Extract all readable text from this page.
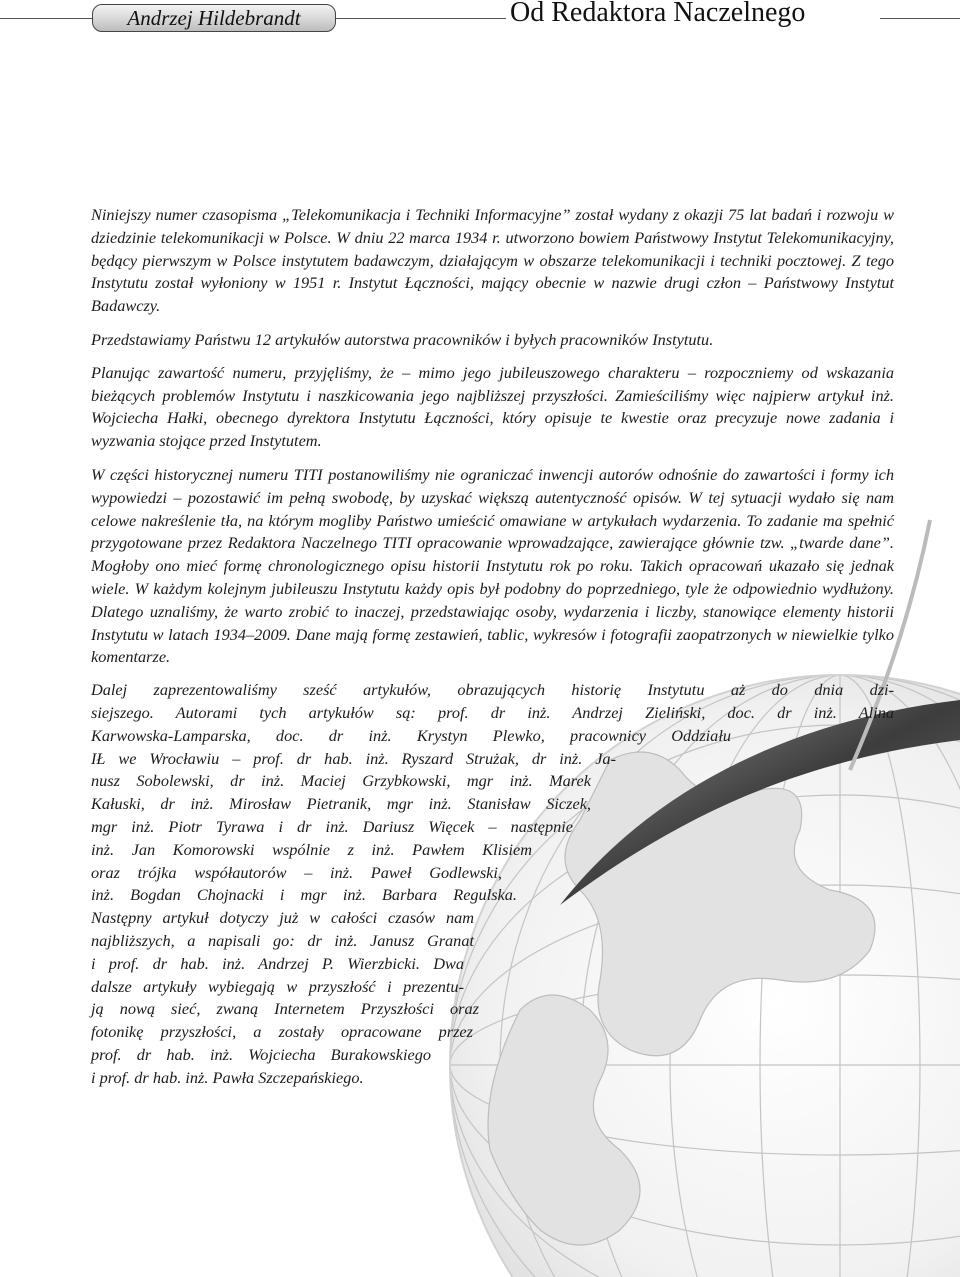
Andrzej Hildebrandt	Od Redaktora Naczelnego

Niniejszy numer czasopisma „Telekomunikacja i Techniki Informacyjne” został wydany z okazji 75 lat badań i rozwoju w dziedzinie telekomunikacji w Polsce. W dniu 22 marca 1934 r. utworzono bowiem Państwowy Instytut Telekomunikacyjny, będący pierwszym w Polsce instytutem badawczym, działającym w obszarze telekomunikacji i techniki pocztowej. Z tego Instytutu został wyłoniony w 1951 r. Instytut Łączności, mający obecnie w nazwie drugi człon – Państwowy Instytut Badawczy.

Przedstawiamy Państwu 12 artykułów autorstwa pracowników i byłych pracowników Instytutu.

Planując zawartość numeru, przyjęliśmy, że – mimo jego jubileuszowego charakteru – rozpoczniemy od wskazania bieżących problemów Instytutu i naszkicowania jego najbliższej przyszłości. Zamieściliśmy więc najpierw artykuł inż. Wojciecha Hałki, obecnego dyrektora Instytutu Łączności, który opisuje te kwestie oraz precyzuje nowe zadania i wyzwania stojące przed Instytutem.

W części historycznej numeru TITI postanowiliśmy nie ograniczać inwencji autorów odnośnie do zawartości i formy ich wypowiedzi – pozostawić im pełną swobodę, by uzyskać większą autentyczność opisów. W tej sytuacji wydało się nam celowe nakreślenie tła, na którym mogliby Państwo umieścić omawiane w artykułach wydarzenia. To zadanie ma spełnić przygotowane przez Redaktora Naczelnego TITI opracowanie wprowadzające, zawierające głównie tzw. „twarde dane”. Mogłoby ono mieć formę chronologicznego opisu historii Instytutu rok po roku. Takich opracowań ukazało się jednak wiele. W każdym kolejnym jubileuszu Instytutu każdy opis był podobny do poprzedniego, tyle że odpowiednio wydłużony. Dlatego uznaliśmy, że warto zrobić to inaczej, przedstawiając osoby, wydarzenia i liczby, stanowiące elementy historii Instytutu w latach 1934–2009. Dane mają formę zestawień, tablic, wykresów i fotografii zaopatrzonych w niewielkie tylko komentarze.

Dalej zaprezentowaliśmy sześć artykułów, obrazujących historię Instytutu aż do dnia dzi-
siejszego. Autorami tych artykułów są: prof. dr inż. Andrzej Zieliński, doc. dr inż. Alina
Karwowska-Lamparska, doc. dr inż. Krystyn Plewko, pracownicy Oddziału
IŁ we Wrocławiu – prof. dr hab. inż. Ryszard Strużak, dr inż. Ja-
nusz Sobolewski, dr inż. Maciej Grzybkowski, mgr inż. Marek
Kałuski, dr inż. Mirosław Pietranik, mgr inż. Stanisław Siczek,
mgr inż. Piotr Tyrawa i dr inż. Dariusz Więcek – następnie
inż. Jan Komorowski wspólnie z inż. Pawłem Klisiem
oraz trójka współautorów – inż. Paweł Godlewski,
inż. Bogdan Chojnacki i mgr inż. Barbara Regulska.
Następny artykuł dotyczy już w całości czasów nam
najbliższych, a napisali go: dr inż. Janusz Granat
i prof. dr hab. inż. Andrzej P. Wierzbicki. Dwa
dalsze artykuły wybiegają w przyszłość i prezentu-
ją nową sieć, zwaną Internetem Przyszłości oraz
fotonikę przyszłości, a zostały opracowane przez
prof. dr hab. inż. Wojciecha Burakowskiego
i prof. dr hab. inż. Pawła Szczepańskiego.
